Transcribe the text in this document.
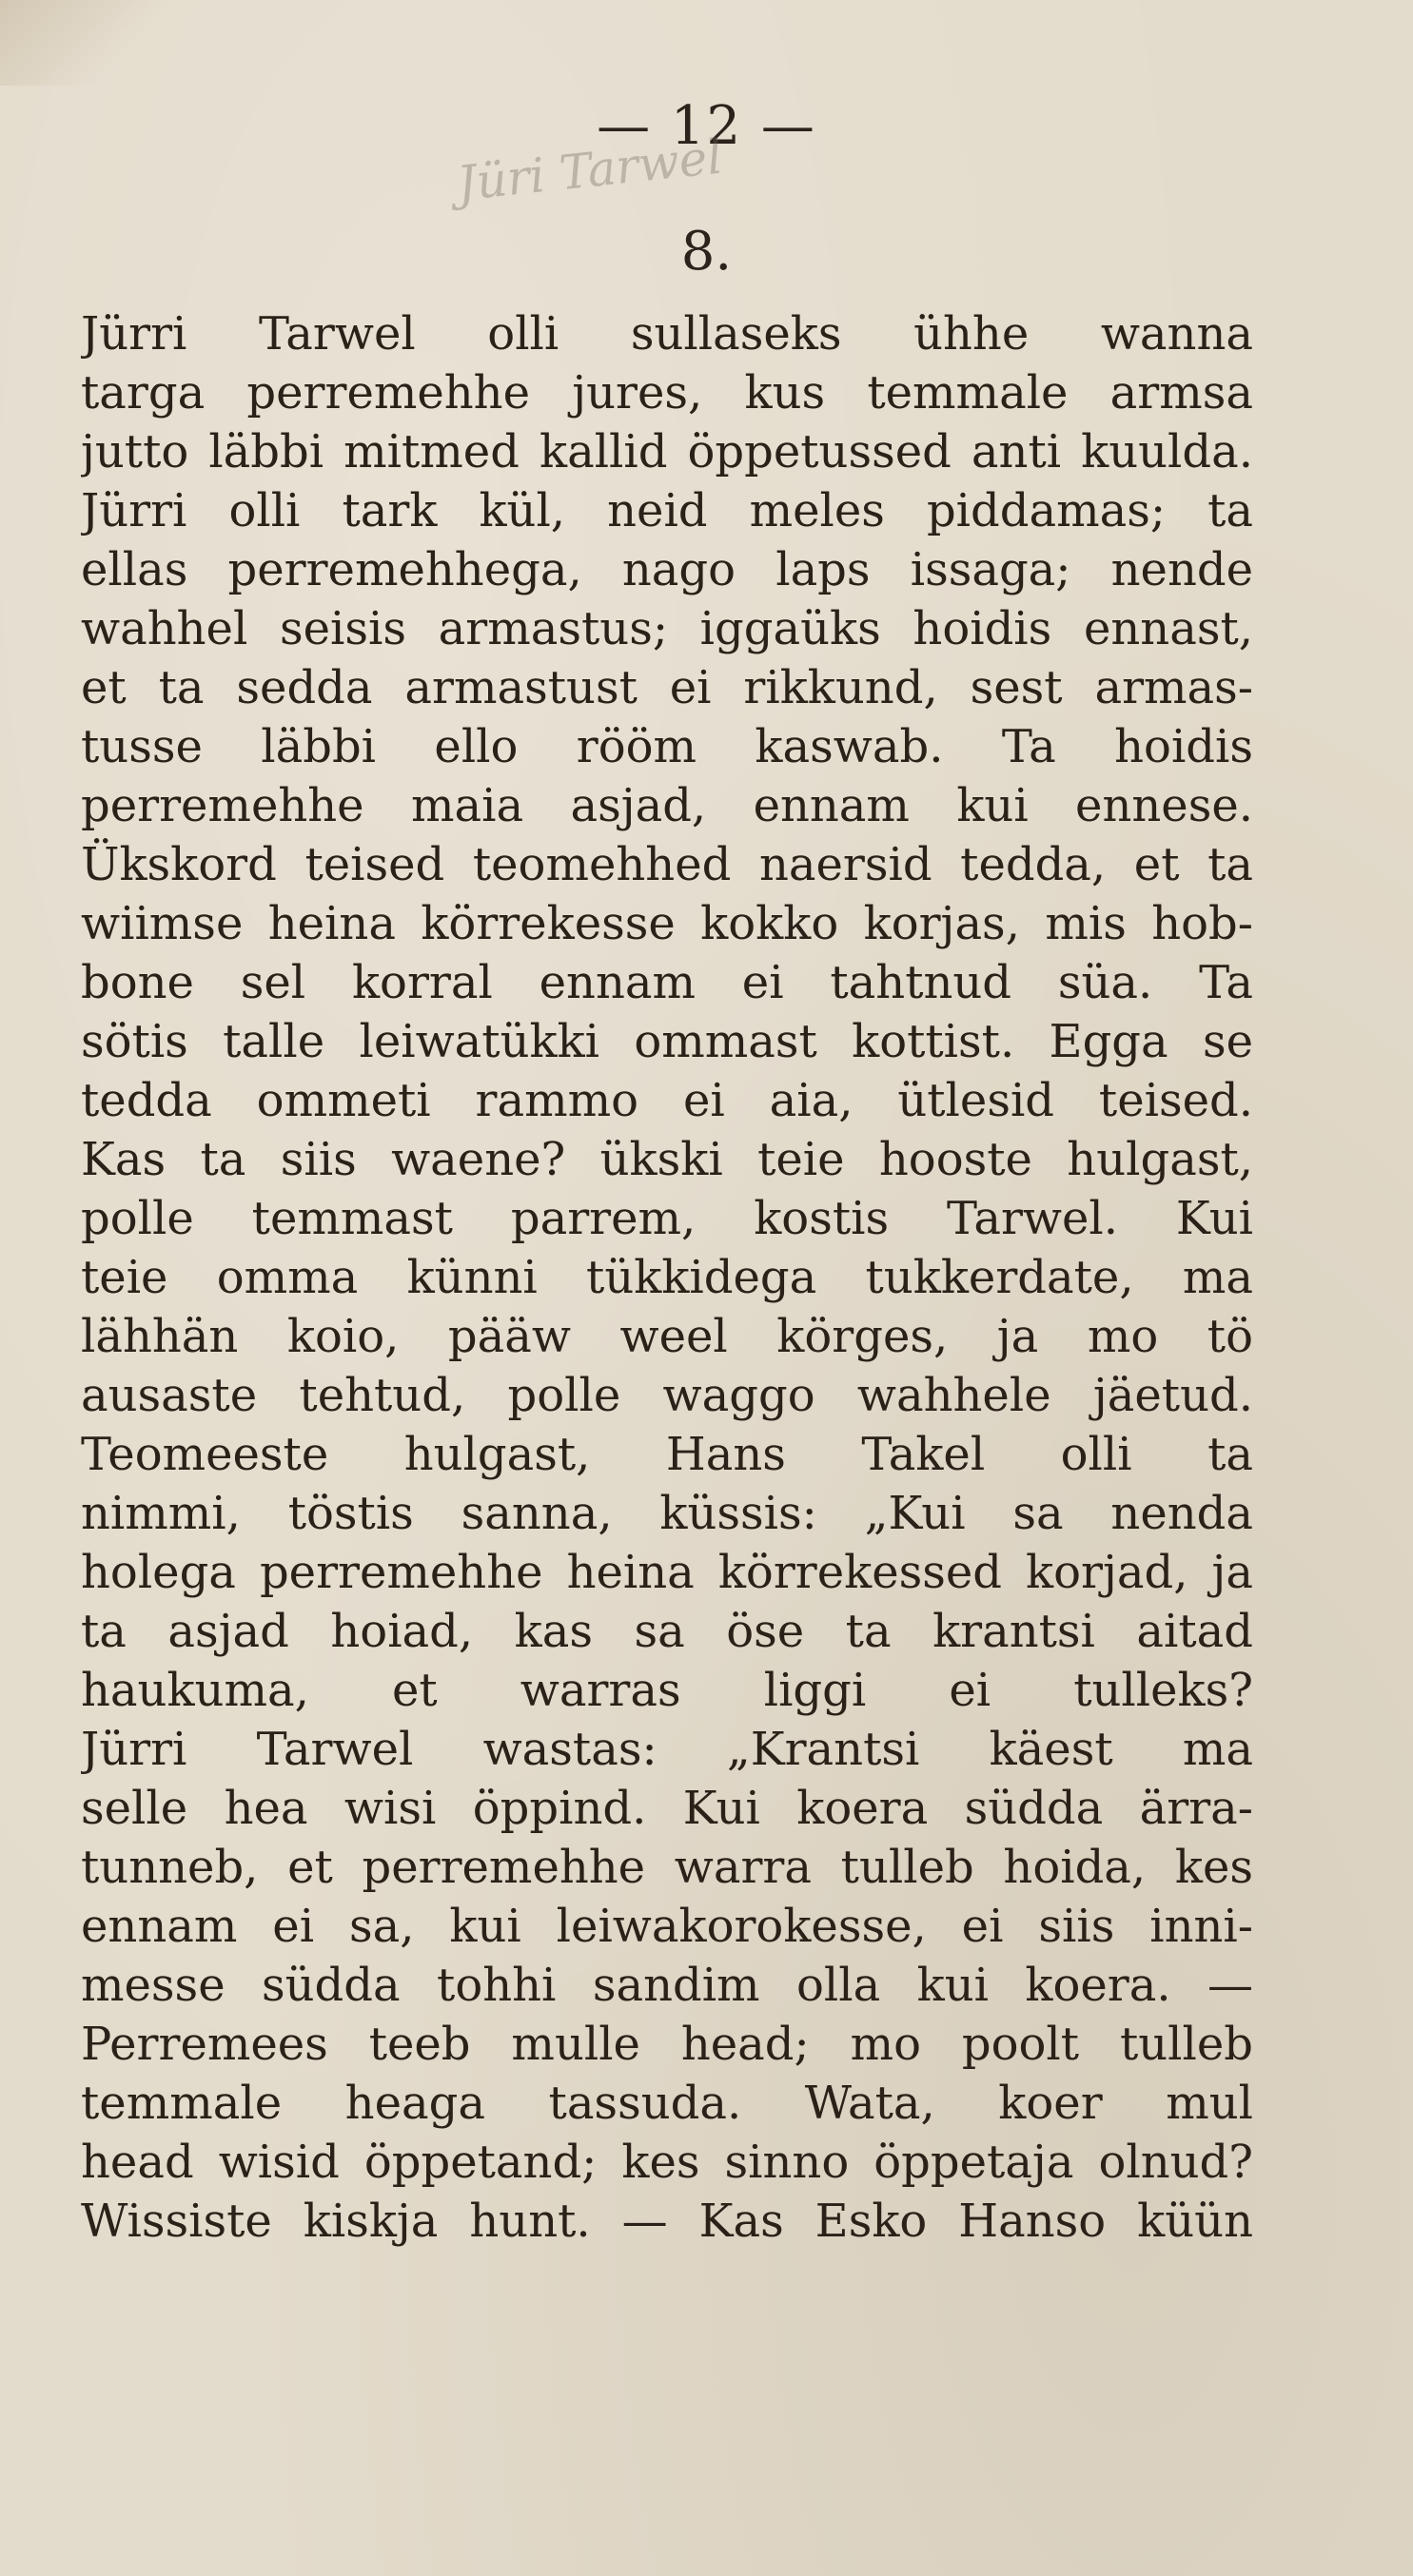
— 12 —
Jüri Tarwel
8.
Jürri Tarwel olli sullaseks ühhe wanna
targa perremehhe jures, kus temmale armsa
jutto läbbi mitmed kallid öppetussed anti kuulda.
Jürri olli tark kül, neid meles piddamas; ta
ellas perremehhega, nago laps issaga; nende
wahhel seisis armastus; iggaüks hoidis ennast,
et ta sedda armastust ei rikkund, sest armas-
tusse läbbi ello rööm kaswab. Ta hoidis
perremehhe maia asjad, ennam kui ennese.
Ükskord teised teomehhed naersid tedda, et ta
wiimse heina körrekesse kokko korjas, mis hob-
bone sel korral ennam ei tahtnud süa. Ta
sötis talle leiwatükki ommast kottist. Egga se
tedda ommeti rammo ei aia, ütlesid teised.
Kas ta siis waene? ükski teie hooste hulgast,
polle temmast parrem, kostis Tarwel. Kui
teie omma künni tükkidega tukkerdate, ma
lähhän koio, pääw weel körges, ja mo tö
ausaste tehtud, polle waggo wahhele jäetud.
Teomeeste hulgast, Hans Takel olli ta
nimmi, töstis sanna, küssis: „Kui sa nenda
holega perremehhe heina körrekessed korjad, ja
ta asjad hoiad, kas sa öse ta krantsi aitad
haukuma, et warras liggi ei tulleks?
Jürri Tarwel wastas: „Krantsi käest ma
selle hea wisi öppind. Kui koera südda ärra-
tunneb, et perremehhe warra tulleb hoida, kes
ennam ei sa, kui leiwakorokesse, ei siis inni-
messe südda tohhi sandim olla kui koera. —
Perremees teeb mulle head; mo poolt tulleb
temmale heaga tassuda. Wata, koer mul
head wisid öppetand; kes sinno öppetaja olnud?
Wissiste kiskja hunt. — Kas Esko Hanso küün
